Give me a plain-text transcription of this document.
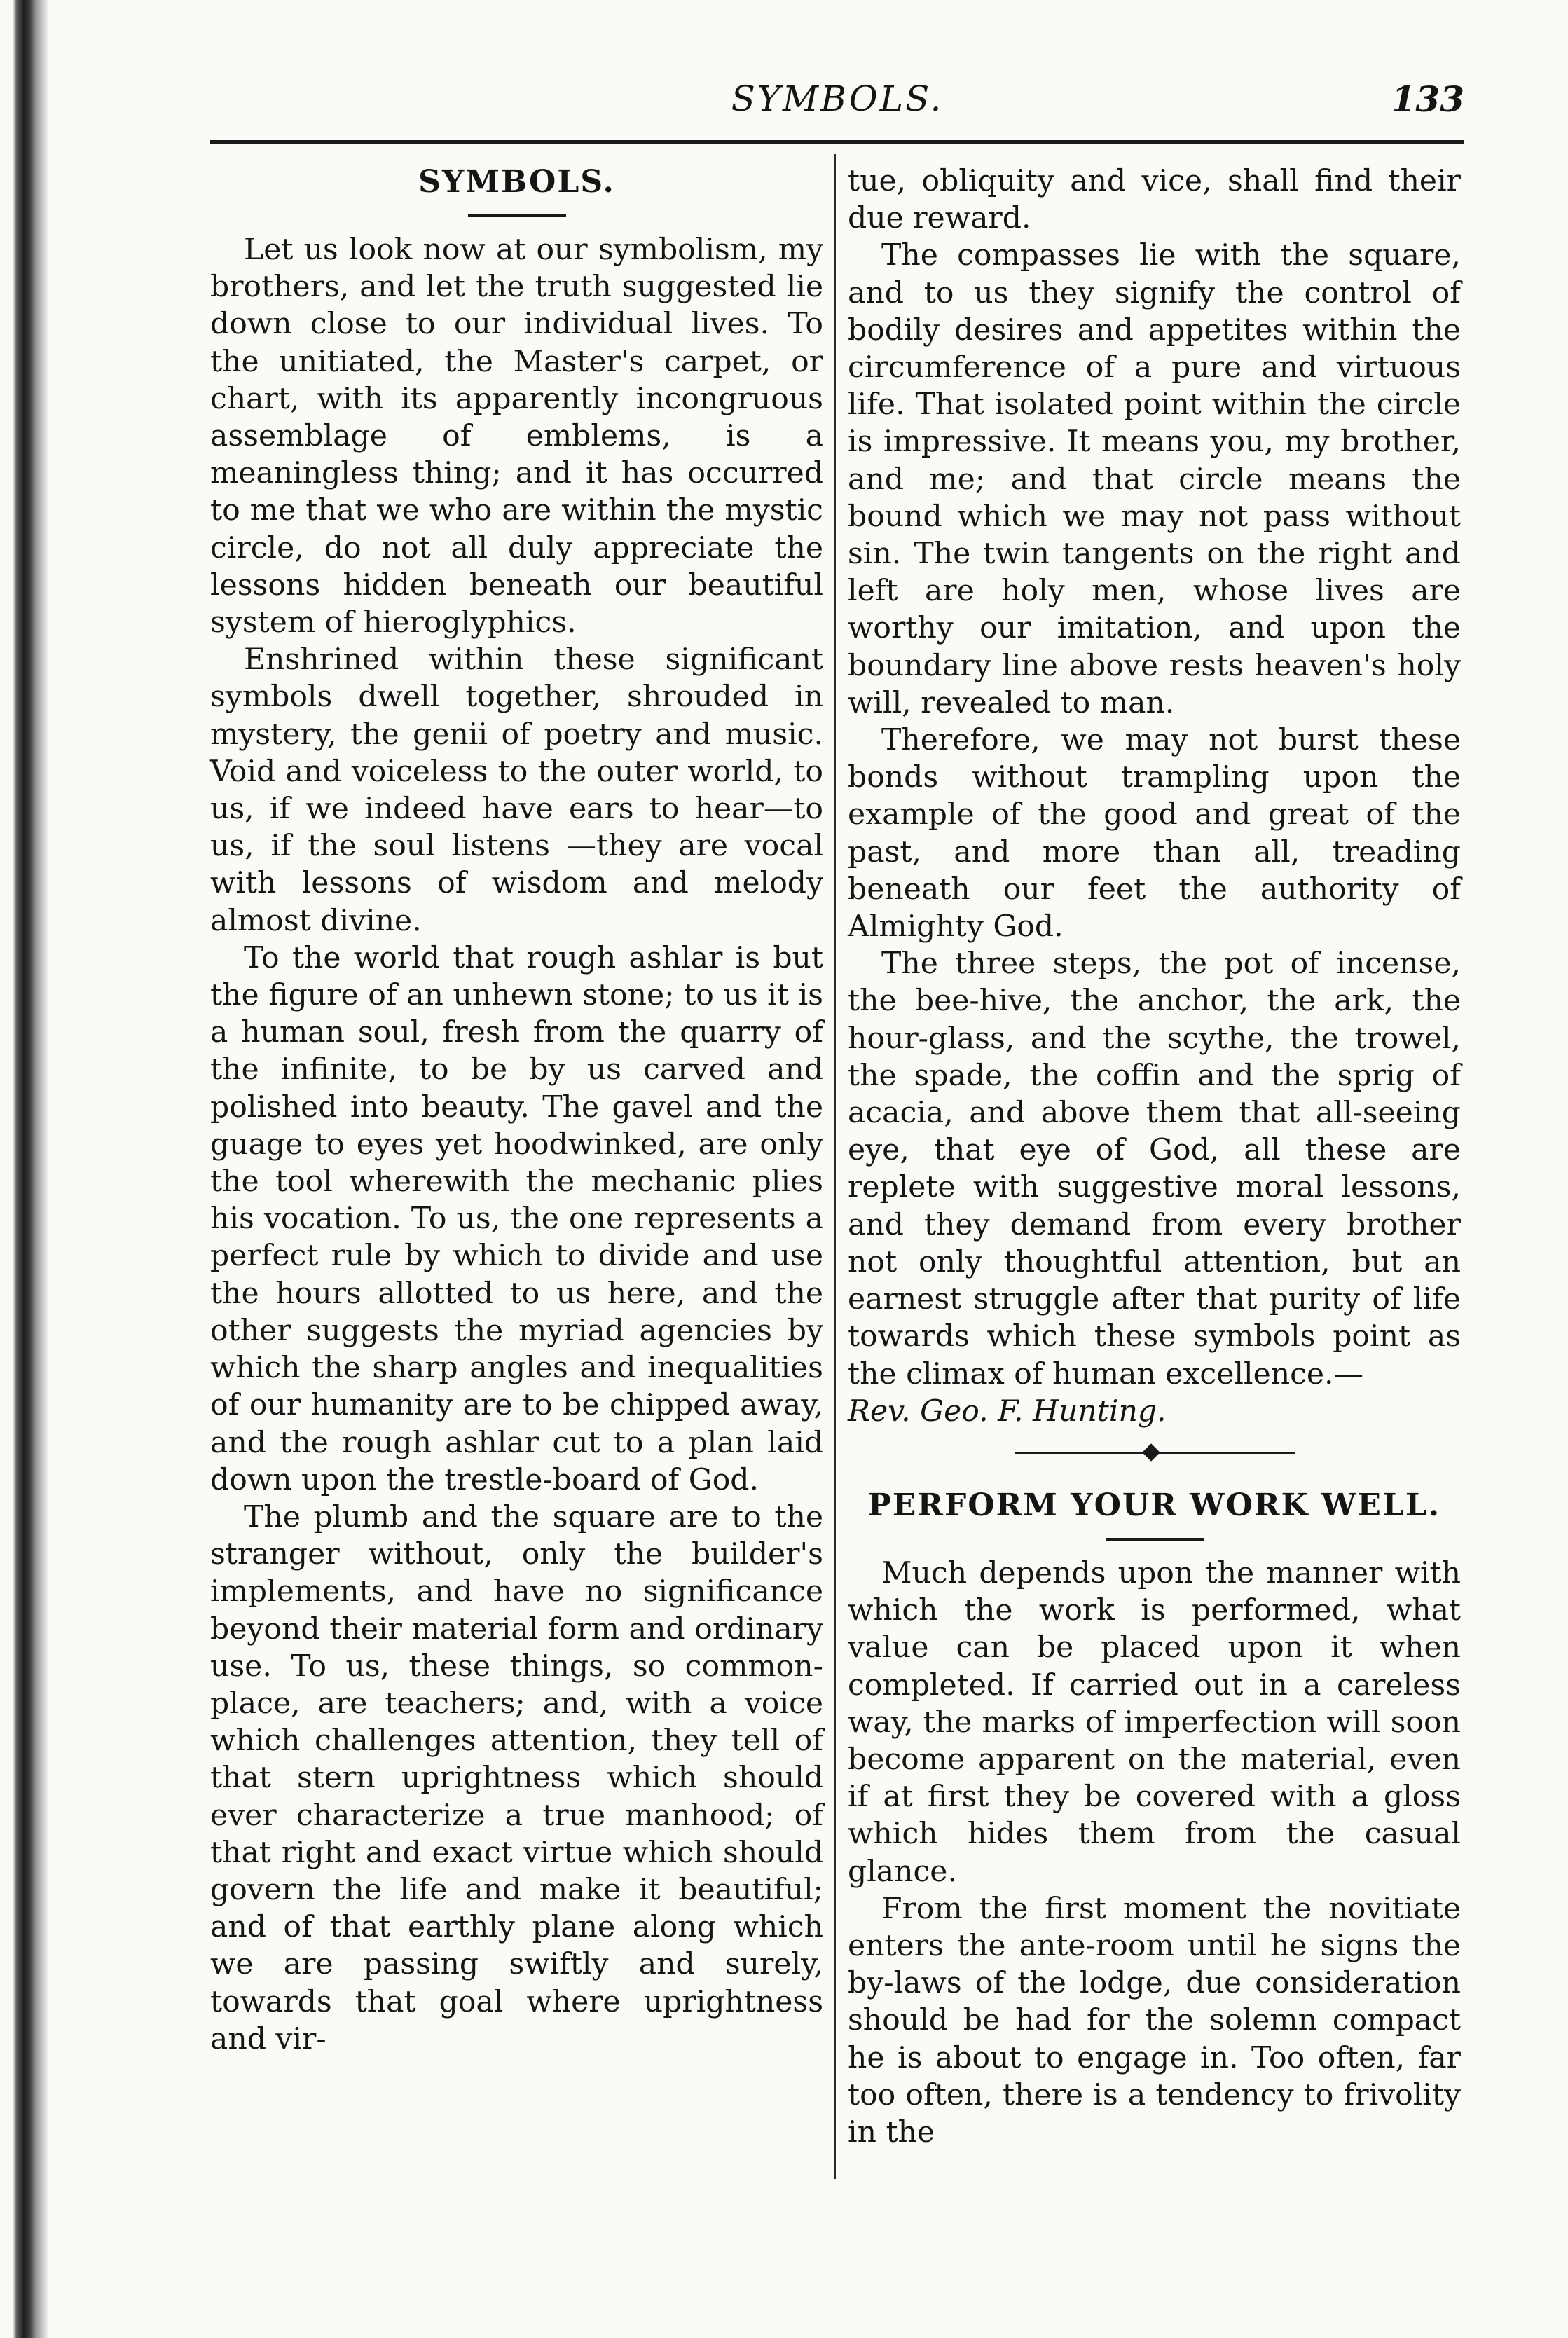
SYMBOLS.	133
SYMBOLS.

Let us look now at our symbolism, my brothers, and let the truth suggested lie down close to our individual lives. To the unitiated, the Master's carpet, or chart, with its apparently incongruous assemblage of emblems, is a meaningless thing; and it has occurred to me that we who are within the mystic circle, do not all duly appreciate the lessons hidden beneath our beautiful system of hieroglyphics.

Enshrined within these significant symbols dwell together, shrouded in mystery, the genii of poetry and music. Void and voiceless to the outer world, to us, if we indeed have ears to hear—to us, if the soul listens —they are vocal with lessons of wisdom and melody almost divine.

To the world that rough ashlar is but the figure of an unhewn stone; to us it is a human soul, fresh from the quarry of the infinite, to be by us carved and polished into beauty. The gavel and the guage to eyes yet hoodwinked, are only the tool wherewith the mechanic plies his vocation. To us, the one represents a perfect rule by which to divide and use the hours allotted to us here, and the other suggests the myriad agencies by which the sharp angles and inequalities of our humanity are to be chipped away, and the rough ashlar cut to a plan laid down upon the trestle-board of God.

The plumb and the square are to the stranger without, only the builder's implements, and have no significance beyond their material form and ordinary use. To us, these things, so common-place, are teachers; and, with a voice which challenges attention, they tell of that stern uprightness which should ever characterize a true manhood; of that right and exact virtue which should govern the life and make it beautiful; and of that earthly plane along which we are passing swiftly and surely, towards that goal where uprightness and vir-

tue, obliquity and vice, shall find their due reward.

The compasses lie with the square, and to us they signify the control of bodily desires and appetites within the circumference of a pure and virtuous life. That isolated point within the circle is impressive. It means you, my brother, and me; and that circle means the bound which we may not pass without sin. The twin tangents on the right and left are holy men, whose lives are worthy our imitation, and upon the boundary line above rests heaven's holy will, revealed to man.

Therefore, we may not burst these bonds without trampling upon the example of the good and great of the past, and more than all, treading beneath our feet the authority of Almighty God.

The three steps, the pot of incense, the bee-hive, the anchor, the ark, the hour-glass, and the scythe, the trowel, the spade, the coffin and the sprig of acacia, and above them that all-seeing eye, that eye of God, all these are replete with suggestive moral lessons, and they demand from every brother not only thoughtful attention, but an earnest struggle after that purity of life towards which these symbols point as the climax of human excellence.—

Rev. Geo. F. Hunting.

PERFORM YOUR WORK WELL.

Much depends upon the manner with which the work is performed, what value can be placed upon it when completed. If carried out in a careless way, the marks of imperfection will soon become apparent on the material, even if at first they be covered with a gloss which hides them from the casual glance.

From the first moment the novitiate enters the ante-room until he signs the by-laws of the lodge, due consideration should be had for the solemn compact he is about to engage in. Too often, far too often, there is a tendency to frivolity in the
